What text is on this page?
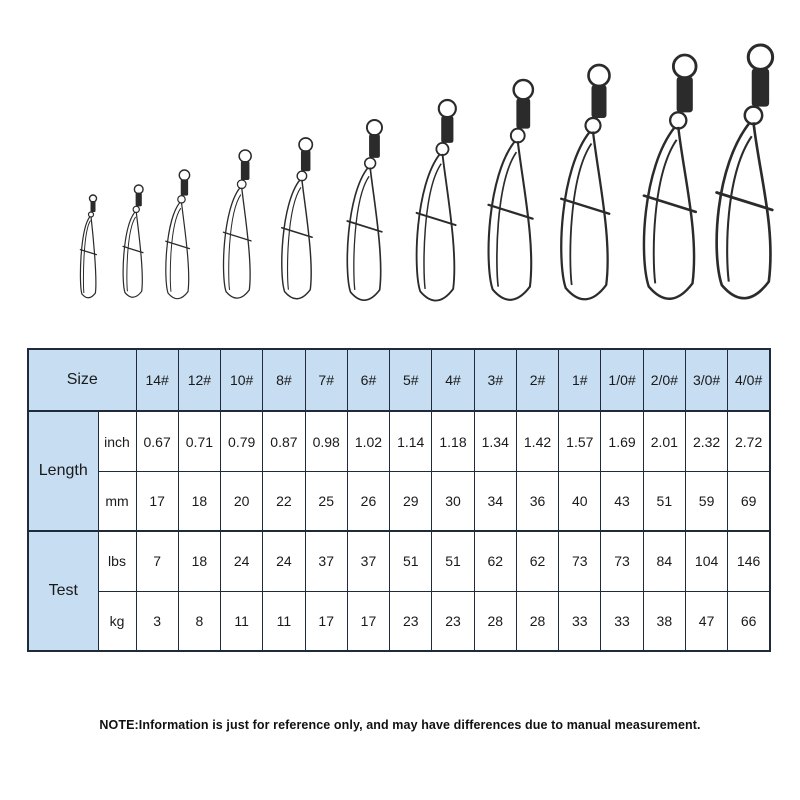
Size		14#	12#	10#	8#	7#	6#	5#	4#	3#	2#	1#	1/0#	2/0#	3/0#	4/0#
Length	inch	0.67	0.71	0.79	0.87	0.98	1.02	1.14	1.18	1.34	1.42	1.57	1.69	2.01	2.32	2.72
	mm	17	18	20	22	25	26	29	30	34	36	40	43	51	59	69
Test	lbs	7	18	24	24	37	37	51	51	62	62	73	73	84	104	146
	kg	3	8	11	11	17	17	23	23	28	28	33	33	38	47	66
NOTE:Information is just for reference only, and may have differences due to manual measurement.
